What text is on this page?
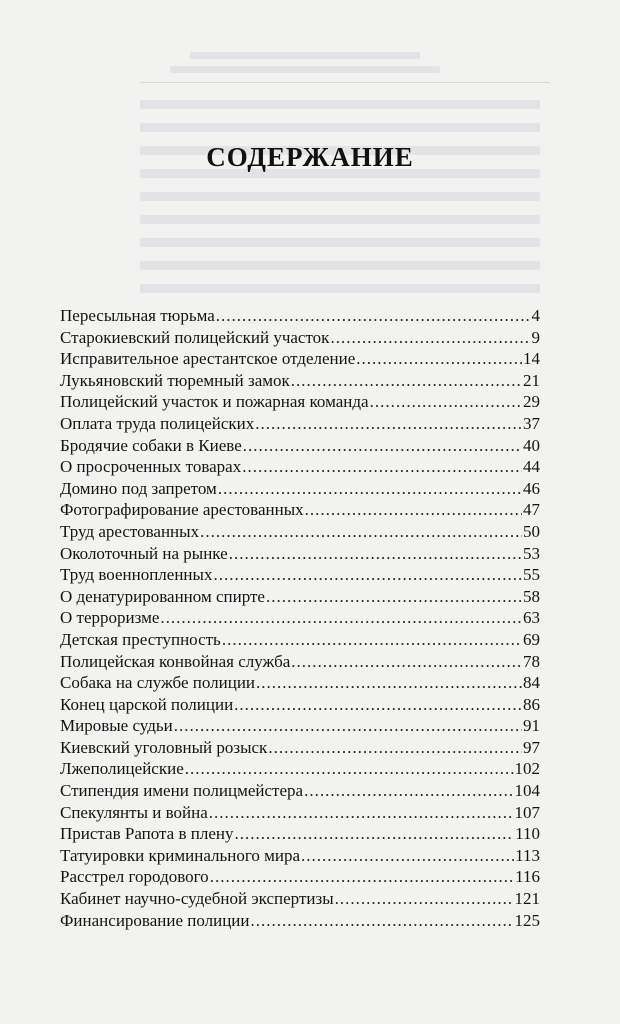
СОДЕРЖАНИЕ
Пересыльная тюрьма .....	4
Старокиевский полицейский участок .....	9
Исправительное арестантское отделение .....	14
Лукьяновский тюремный замок .....	21
Полицейский участок и пожарная команда .....	29
Оплата труда полицейских .....	37
Бродячие собаки в Киеве .....	40
О просроченных товарах .....	44
Домино под запретом .....	46
Фотографирование арестованных .....	47
Труд арестованных .....	50
Околоточный на рынке .....	53
Труд военнопленных .....	55
О денатурированном спирте .....	58
О терроризме .....	63
Детская преступность .....	69
Полицейская конвойная служба .....	78
Собака на службе полиции .....	84
Конец царской полиции .....	86
Мировые судьи .....	91
Киевский уголовный розыск .....	97
Лжеполицейские .....	102
Стипендия имени полицмейстера .....	104
Спекулянты и война .....	107
Пристав Рапота в плену .....	110
Татуировки криминального мира .....	113
Расстрел городового .....	116
Кабинет научно-судебной экспертизы .....	121
Финансирование полиции .....	125
